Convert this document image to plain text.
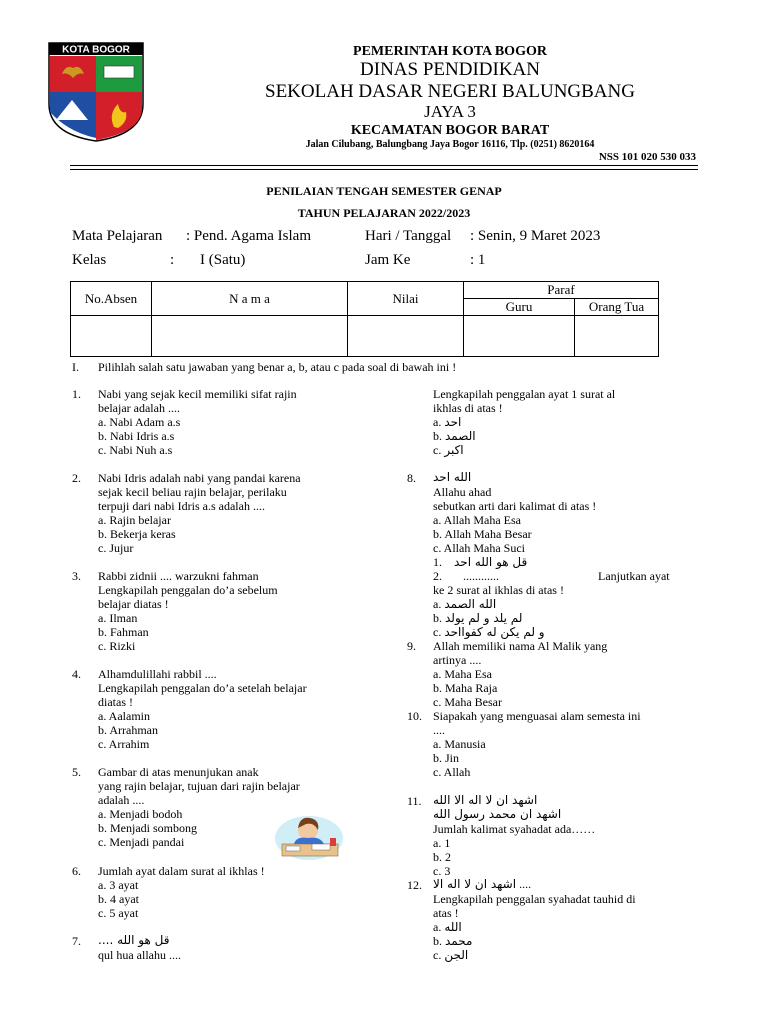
KOTA BOGOR	PEMERINTAH KOTA BOGOR
DINAS PENDIDIKAN
SEKOLAH DASAR NEGERI BALUNGBANG
JAYA 3
KECAMATAN BOGOR BARAT
Jalan Cilubang, Balungbang Jaya Bogor 16116, Tlp. (0251) 8620164
NSS 101 020 530 033
PENILAIAN TENGAH SEMESTER GENAP
TAHUN PELAJARAN 2022/2023
Mata Pelajaran : Pend. Agama Islam	Hari / Tanggal : Senin, 9 Maret 2023
Kelas	: I (Satu)	Jam Ke	: 1
No.Absen	N a m a	Nilai	Paraf	
			Guru	Orang Tua

I. Pilihlah salah satu jawaban yang benar a, b, atau c pada soal di bawah ini !
1. Nabi yang sejak kecil memiliki sifat rajin
belajar adalah ....
a. Nabi Adam a.s
b. Nabi Idris a.s
c. Nabi Nuh a.s
2. Nabi Idris adalah nabi yang pandai karena
sejak kecil beliau rajin belajar, perilaku
terpuji dari nabi Idris a.s adalah ....
a. Rajin belajar
b. Bekerja keras
c. Jujur
3. Rabbi zidnii .... warzukni fahman
Lengkapilah penggalan do’a sebelum
belajar diatas !
a. Ilman
b. Fahman
c. Rizki
4. Alhamdulillahi rabbil ....
Lengkapilah penggalan do’a setelah belajar
diatas !
a. Aalamin
b. Arrahman
c. Arrahim
5. Gambar di atas menunjukan anak
yang rajin belajar, tujuan dari rajin belajar
adalah ....
a. Menjadi bodoh
b. Menjadi sombong
c. Menjadi pandai
6. Jumlah ayat dalam surat al ikhlas !
a. 3 ayat
b. 4 ayat
c. 5 ayat
7. قل هو الله ....
qul hua allahu ....
Lengkapilah penggalan ayat 1 surat al
ikhlas di atas !
a. احد
b. الصمد
c. اكبر
8. الله احد
Allahu ahad
sebutkan arti dari kalimat di atas !
a. Allah Maha Esa
b. Allah Maha Besar
c. Allah Maha Suci
1. قل هو الله احد
2. ............	Lanjutkan ayat
ke 2 surat al ikhlas di atas !
a. الله الصمد
b. لم يلد و لم يولد
c. و لم يكن له كفوااحد
9. Allah memiliki nama Al Malik yang
artinya ....
a. Maha Esa
b. Maha Raja
c. Maha Besar
10. Siapakah yang menguasai alam semesta ini
....
a. Manusia
b. Jin
c. Allah
11. اشهد ان لا اله الا الله
اشهد ان محمد رسول الله
Jumlah kalimat syahadat ada……
a. 1
b. 2
c. 3
12. اشهد ان لا اله الا ....
Lengkapilah penggalan syahadat tauhid di
atas !
a. الله
b. محمد
c. الجن
